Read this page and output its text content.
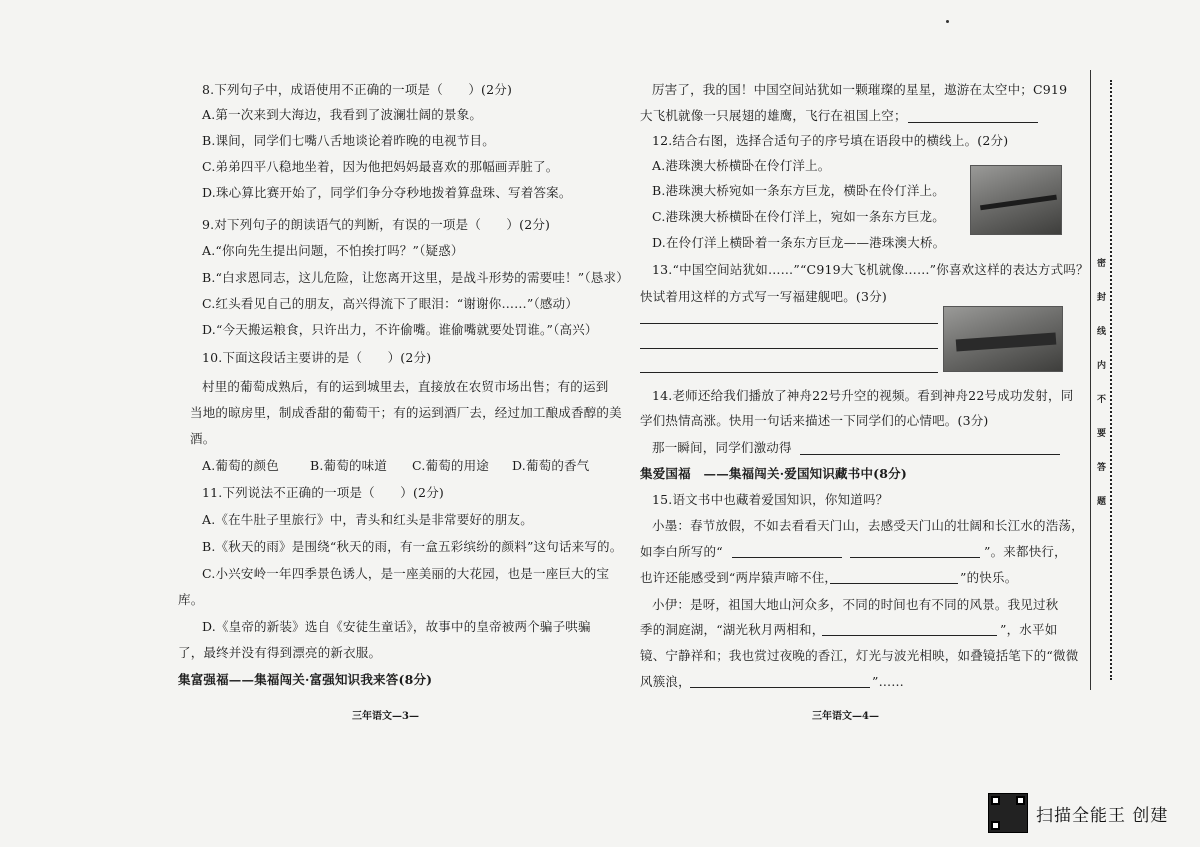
8.下列句子中，成语使用不正确的一项是（　　）(2分)
A.第一次来到大海边，我看到了波澜壮阔的景象。
B.课间，同学们七嘴八舌地谈论着昨晚的电视节目。
C.弟弟四平八稳地坐着，因为他把妈妈最喜欢的那幅画弄脏了。
D.珠心算比赛开始了，同学们争分夺秒地拨着算盘珠、写着答案。
9.对下列句子的朗读语气的判断，有误的一项是（　　）(2分)
A.“你向先生提出问题，不怕挨打吗？”（疑惑）
B.“白求恩同志，这儿危险，让您离开这里，是战斗形势的需要哇！”（恳求）
C.红头看见自己的朋友，高兴得流下了眼泪：“谢谢你……”（感动）
D.“今天搬运粮食，只许出力，不许偷嘴。谁偷嘴就要处罚谁。”（高兴）
10.下面这段话主要讲的是（　　）(2分)
村里的葡萄成熟后，有的运到城里去，直接放在农贸市场出售；有的运到
当地的晾房里，制成香甜的葡萄干；有的运到酒厂去，经过加工酿成香醇的美
酒。
A.葡萄的颜色 B.葡萄的味道 C.葡萄的用途 D.葡萄的香气
11.下列说法不正确的一项是（　　）(2分)
A.《在牛肚子里旅行》中，青头和红头是非常要好的朋友。
B.《秋天的雨》是围绕“秋天的雨，有一盒五彩缤纷的颜料”这句话来写的。
C.小兴安岭一年四季景色诱人，是一座美丽的大花园，也是一座巨大的宝
库。
D.《皇帝的新装》选自《安徒生童话》，故事中的皇帝被两个骗子哄骗
了，最终并没有得到漂亮的新衣服。
集富强福——集福闯关·富强知识我来答(8分)
三年语文—3—
厉害了，我的国！中国空间站犹如一颗璀璨的星星，遨游在太空中；C919
大飞机就像一只展翅的雄鹰，飞行在祖国上空；
12.结合右图，选择合适句子的序号填在语段中的横线上。(2分)
A.港珠澳大桥横卧在伶仃洋上。
B.港珠澳大桥宛如一条东方巨龙，横卧在伶仃洋上。
C.港珠澳大桥横卧在伶仃洋上，宛如一条东方巨龙。
D.在伶仃洋上横卧着一条东方巨龙——港珠澳大桥。
13.“中国空间站犹如……”“C919大飞机就像……”你喜欢这样的表达方式吗？
快试着用这样的方式写一写福建舰吧。(3分)
14.老师还给我们播放了神舟22号升空的视频。看到神舟22号成功发射，同
学们热情高涨。快用一句话来描述一下同学们的心情吧。(3分)
那一瞬间，同学们激动得
集爱国福　——集福闯关·爱国知识藏书中(8分)
15.语文书中也藏着爱国知识，你知道吗？
小墨：春节放假，不如去看看天门山，去感受天门山的壮阔和长江水的浩荡，
如李白所写的“	”。来都快行，
也许还能感受到“两岸猿声啼不住，	”的快乐。
小伊：是呀，祖国大地山河众多，不同的时间也有不同的风景。我见过秋
季的洞庭湖，“湖光秋月两相和，	”，水平如
镜、宁静祥和；我也赏过夜晚的香江，灯光与波光相映，如叠镜括笔下的“微微
风簇浪，	”……
三年语文—4—
密
封
线
内
不
要
答
题
扫描全能王 创建
